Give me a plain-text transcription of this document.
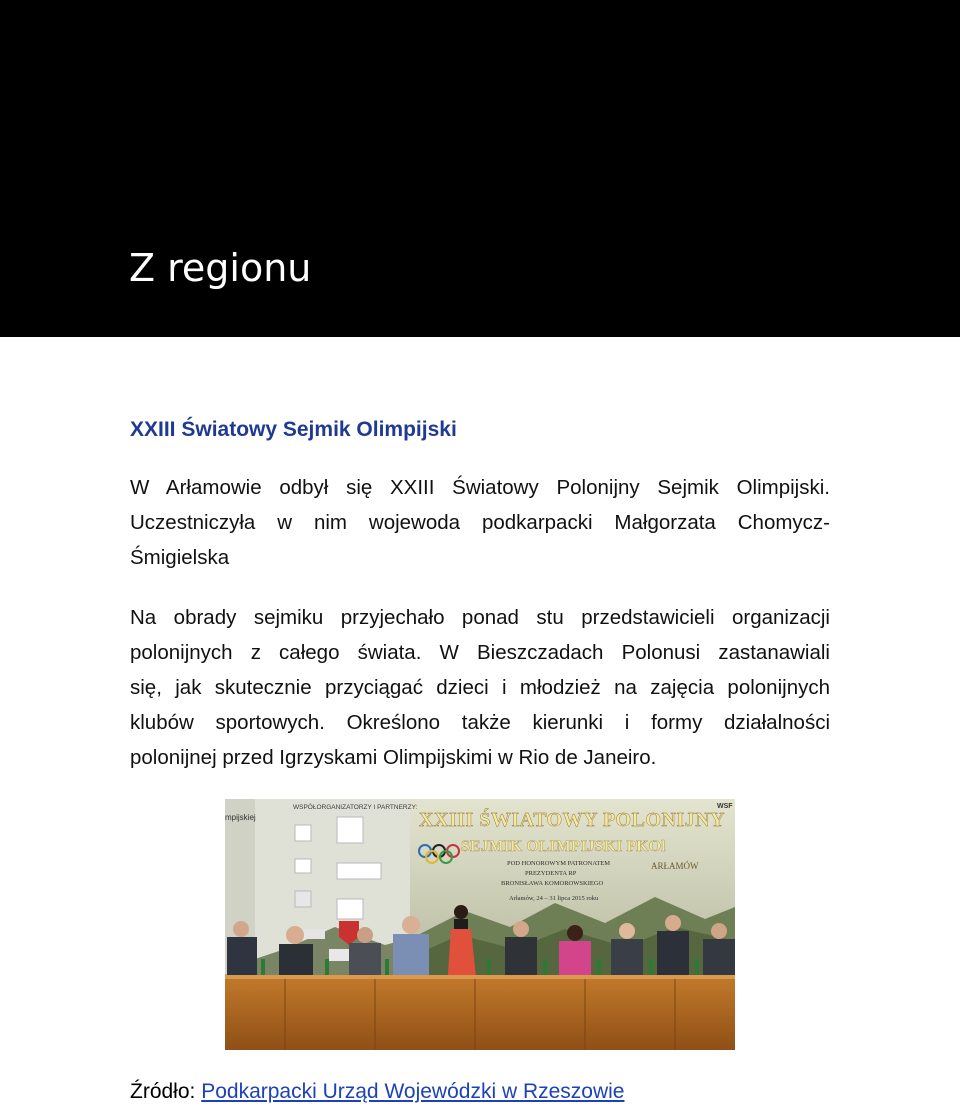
Z regionu
XXIII Światowy Sejmik Olimpijski

W Arłamowie odbył się XXIII Światowy Polonijny Sejmik Olimpijski.
Uczestniczyła w nim wojewoda podkarpacki Małgorzata Chomycz-
Śmigielska

Na obrady sejmiku przyjechało ponad stu przedstawicieli organizacji
polonijnych z całego świata. W Bieszczadach Polonusi zastanawiali
się, jak skutecznie przyciągać dzieci i młodzież na zajęcia polonijnych
klubów sportowych. Określono także kierunki i formy działalności
polonijnej przed Igrzyskami Olimpijskimi w Rio de Janeiro.

WSPÓŁORGANIZATORZY I PARTNERZY:
mpijskiej	XXIII ŚWIATOWY POLONIJNY
SEJMIK OLIMPIJSKI PKOl
POD HONOROWYM PATRONATEM
PREZYDENTA RP
BRONISŁAWA KOMOROWSKIEGO
Arłamów, 24 – 31 lipca 2015 roku
ARŁAMÓW
WSF

Źródło: Podkarpacki Urząd Wojewódzki w Rzeszowie
